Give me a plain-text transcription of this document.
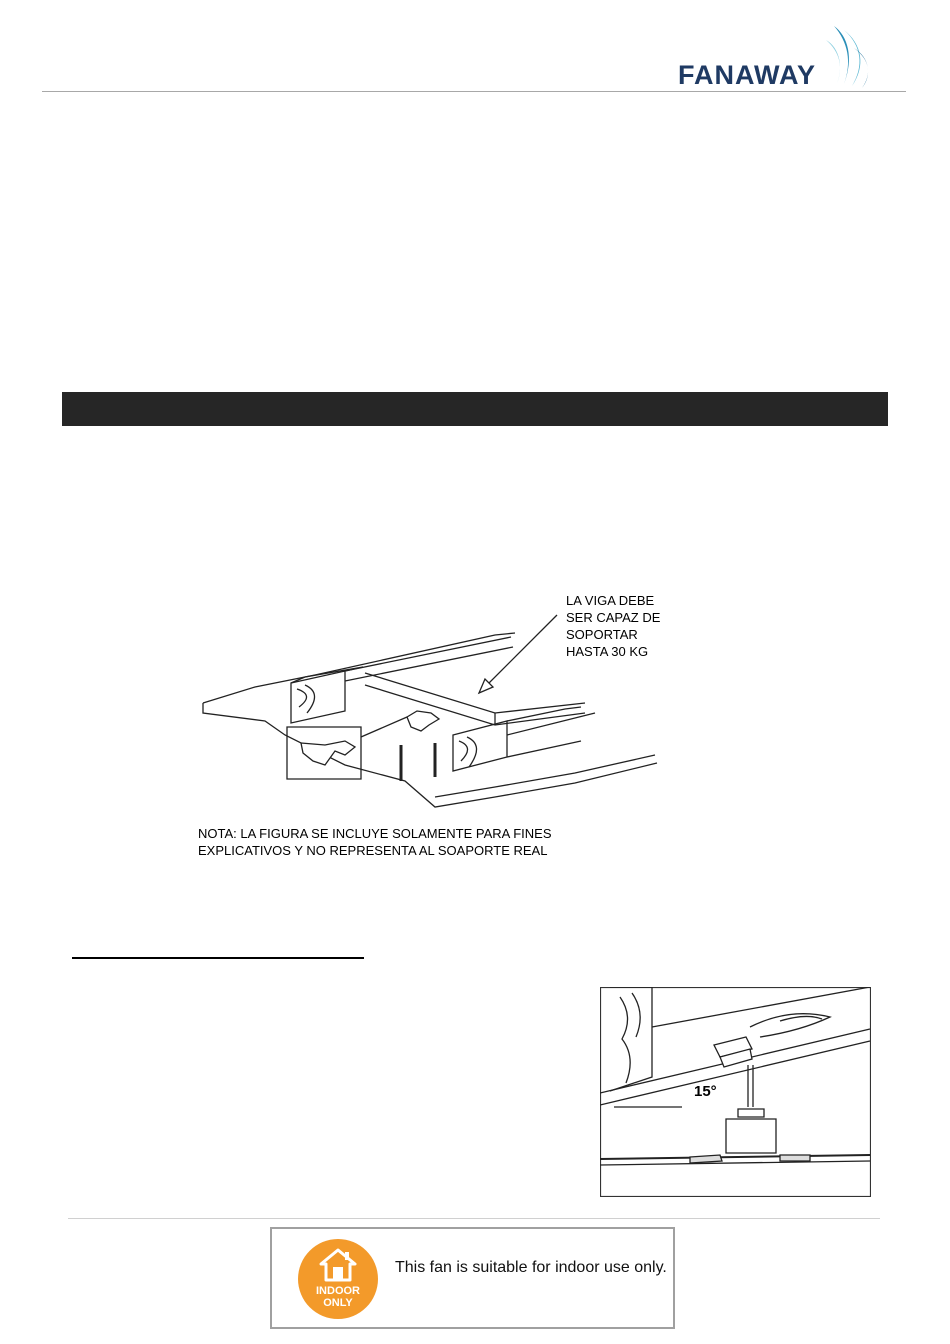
FANAWAY
LA VIGA DEBE
SER CAPAZ DE
SOPORTAR
HASTA 30 KG
NOTA: LA FIGURA SE INCLUYE SOLAMENTE PARA FINES
EXPLICATIVOS Y NO REPRESENTA AL SOAPORTE REAL
15°
INDOOR
ONLY
This fan is suitable for indoor use only.
